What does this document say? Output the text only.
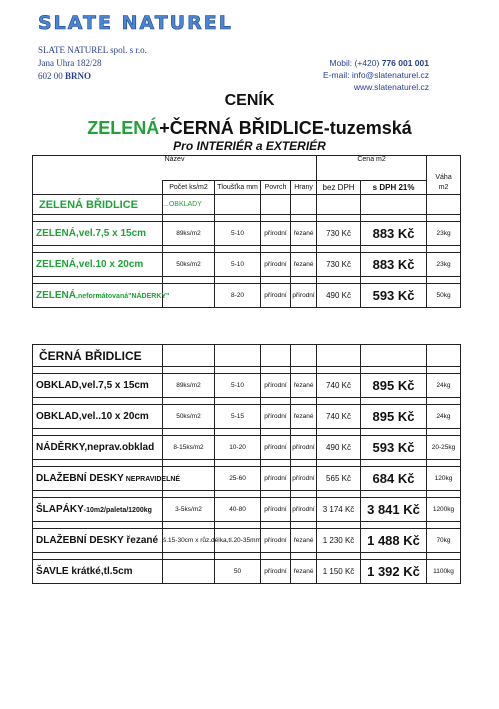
SLATE NATUREL
SLATE NATUREL spol. s r.o.
Jana Uhra 182/28
602 00 BRNO
Mobil: (+420) 776 001 001
E-mail: info@slatenaturel.cz
www.slatenaturel.cz
CENÍK
ZELENÁ+ČERNÁ BŘIDLICE-tuzemská
Pro INTERIÉR a EXTERIÉR
Název					Cena m2		Váha
	Počet ks/m2	Tloušťka mm	Povrch	Hrany	bez DPH	s DPH 21%	m2
ZELENÁ BŘIDLICE	...OBKLADY						

ZELENÁ,vel.7,5 x 15cm	89ks/m2	5-10	přírodní	řezané	730 Kč	883 Kč	23kg

ZELENÁ,vel.10 x 20cm	50ks/m2	5-10	přírodní	řezané	730 Kč	883 Kč	23kg

ZELENÁ,neformátovaná"NÁDERKY"		8-20	přírodní	přírodní	490 Kč	593 Kč	50kg
ČERNÁ BŘIDLICE							

OBKLAD,vel.7,5 x 15cm	89ks/m2	5-10	přírodní	řezané	740 Kč	895 Kč	24kg

OBKLAD,vel..10 x 20cm	50ks/m2	5-15	přírodní	řezané	740 Kč	895 Kč	24kg

NÁDĚRKY,neprav.obklad	8-15ks/m2	10-20	přírodní	přírodní	490 Kč	593 Kč	20-25kg

DLAŽEBNÍ DESKY NEPRAVIDELNÉ		25-60	přírodní	přírodní	565 Kč	684 Kč	120kg

ŠLAPÁKY-10m2/paleta/1200kg	3-5ks/m2	40-80	přírodní	přírodní	3 174 Kč	3 841 Kč	1200kg

DLAŽEBNÍ DESKY řezané	š.15-30cm x růz.délka,tl.20-35mm		přírodní	řezané	1 230 Kč	1 488 Kč	70kg

ŠAVLE krátké,tl.5cm		50	přírodní	řezané	1 150 Kč	1 392 Kč	1100kg
